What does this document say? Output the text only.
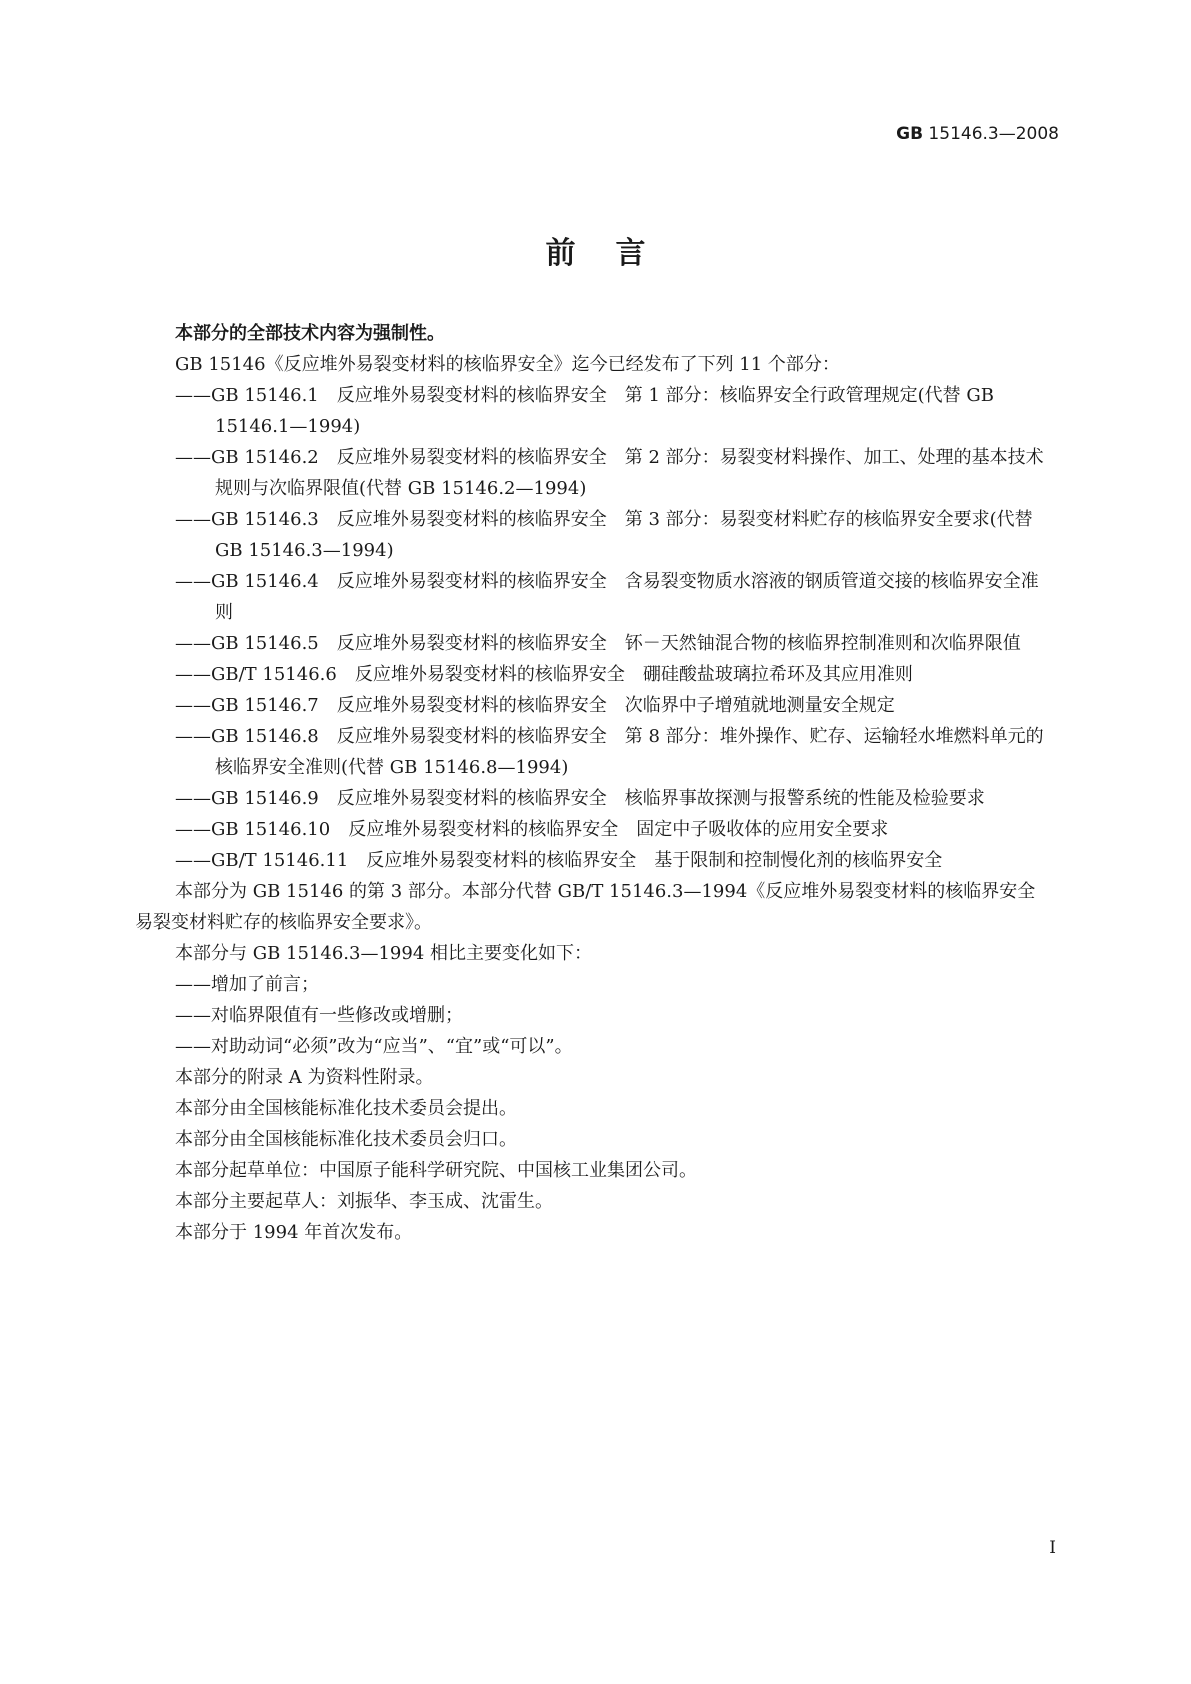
GB 15146.3—2008
前言

本部分的全部技术内容为强制性。

GB 15146《反应堆外易裂变材料的核临界安全》迄今已经发布了下列 11 个部分：

——GB 15146.1　反应堆外易裂变材料的核临界安全　第 1 部分：核临界安全行政管理规定(代替 GB 15146.1—1994)

——GB 15146.2　反应堆外易裂变材料的核临界安全　第 2 部分：易裂变材料操作、加工、处理的基本技术规则与次临界限值(代替 GB 15146.2—1994)

——GB 15146.3　反应堆外易裂变材料的核临界安全　第 3 部分：易裂变材料贮存的核临界安全要求(代替 GB 15146.3—1994)

——GB 15146.4　反应堆外易裂变材料的核临界安全　含易裂变物质水溶液的钢质管道交接的核临界安全准则

——GB 15146.5　反应堆外易裂变材料的核临界安全　钚－天然铀混合物的核临界控制准则和次临界限值

——GB/T 15146.6　反应堆外易裂变材料的核临界安全　硼硅酸盐玻璃拉希环及其应用准则

——GB 15146.7　反应堆外易裂变材料的核临界安全　次临界中子增殖就地测量安全规定

——GB 15146.8　反应堆外易裂变材料的核临界安全　第 8 部分：堆外操作、贮存、运输轻水堆燃料单元的核临界安全准则(代替 GB 15146.8—1994)

——GB 15146.9　反应堆外易裂变材料的核临界安全　核临界事故探测与报警系统的性能及检验要求

——GB 15146.10　反应堆外易裂变材料的核临界安全　固定中子吸收体的应用安全要求

——GB/T 15146.11　反应堆外易裂变材料的核临界安全　基于限制和控制慢化剂的核临界安全

本部分为 GB 15146 的第 3 部分。本部分代替 GB/T 15146.3—1994《反应堆外易裂变材料的核临界安全　易裂变材料贮存的核临界安全要求》。

本部分与 GB 15146.3—1994 相比主要变化如下：

——增加了前言；

——对临界限值有一些修改或增删；

——对助动词“必须”改为“应当”、“宜”或“可以”。

本部分的附录 A 为资料性附录。

本部分由全国核能标准化技术委员会提出。

本部分由全国核能标准化技术委员会归口。

本部分起草单位：中国原子能科学研究院、中国核工业集团公司。

本部分主要起草人：刘振华、李玉成、沈雷生。

本部分于 1994 年首次发布。

I
